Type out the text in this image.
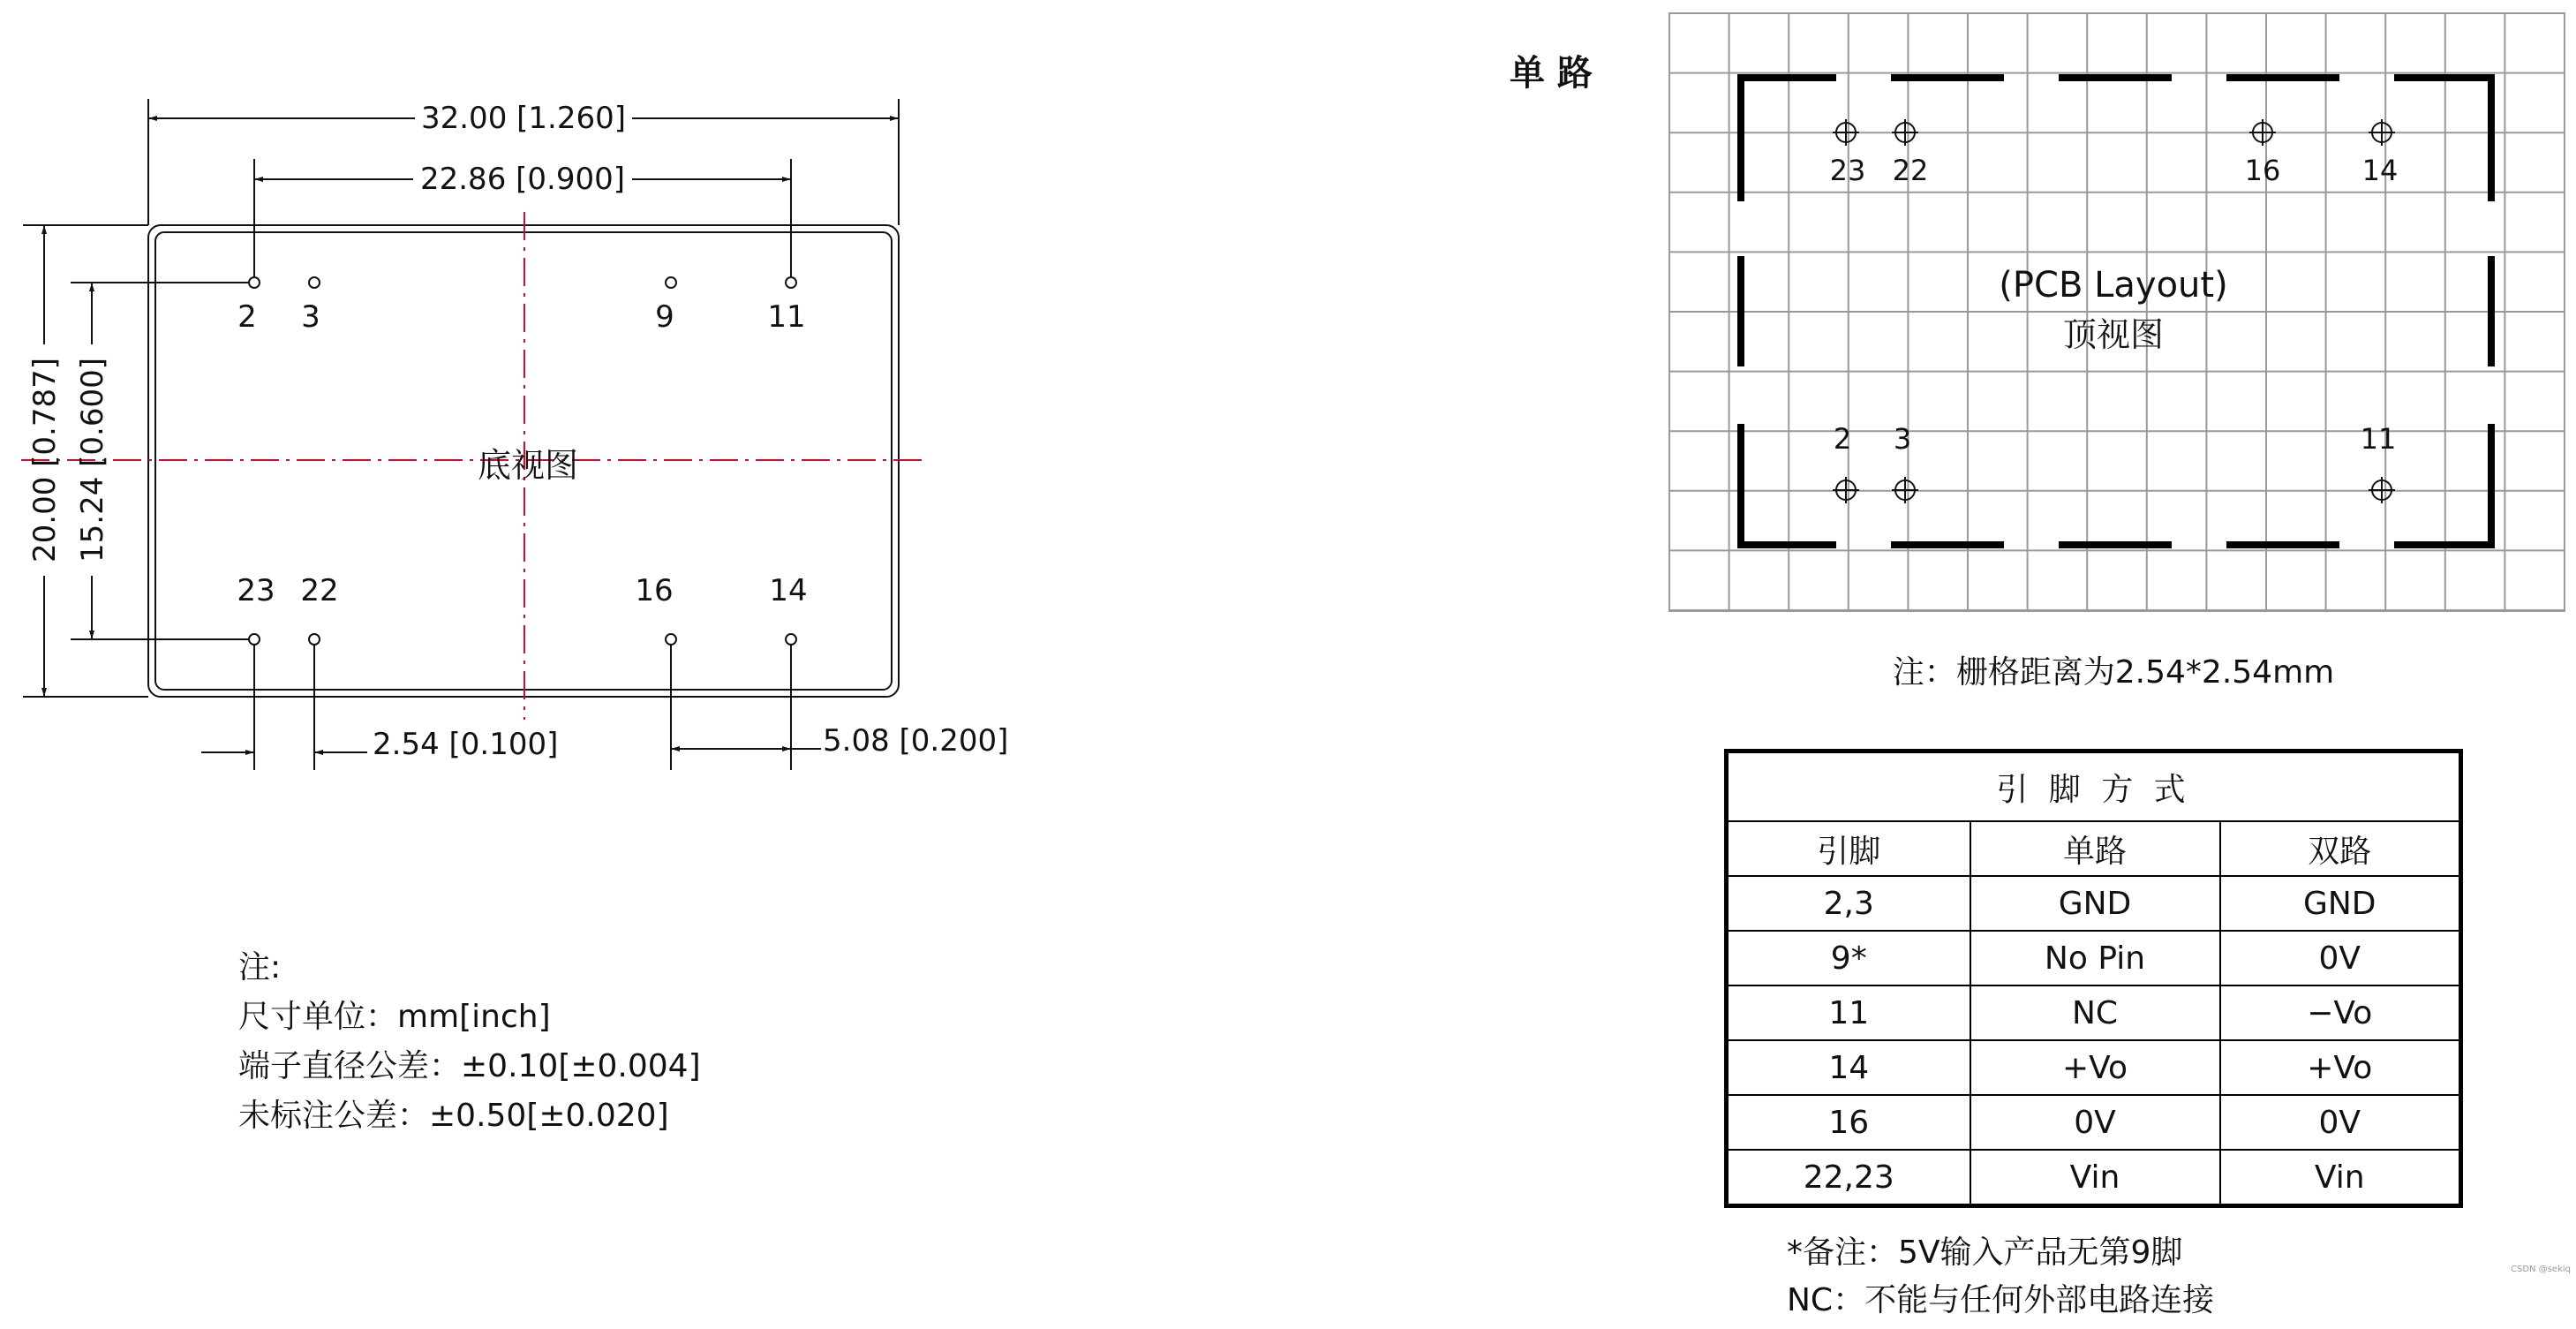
32.00 [1.260]
22.86 [0.900]
20.00 [0.787] 15.24 [0.600]
2.54 [0.100]	5.08 [0.200]
底视图
2 3	9	11
23 22	16	14
23 22	16	14
2 3	11
(PCB Layout)
顶视图
单 路
注：栅格距离为2.54*2.54mm
CSDN @sekiq
注:
尺寸单位：mm[inch]
端子直径公差：±0.10[±0.004]
未标注公差：±0.50[±0.020]
引 脚 方 式		
引脚	单路	双路
2,3	GND	GND
9*	No Pin	0V
11	NC	−Vo
14	+Vo	+Vo
16	0V	0V
22,23	Vin	Vin
*备注：5V输入产品无第9脚
NC：不能与任何外部电路连接
